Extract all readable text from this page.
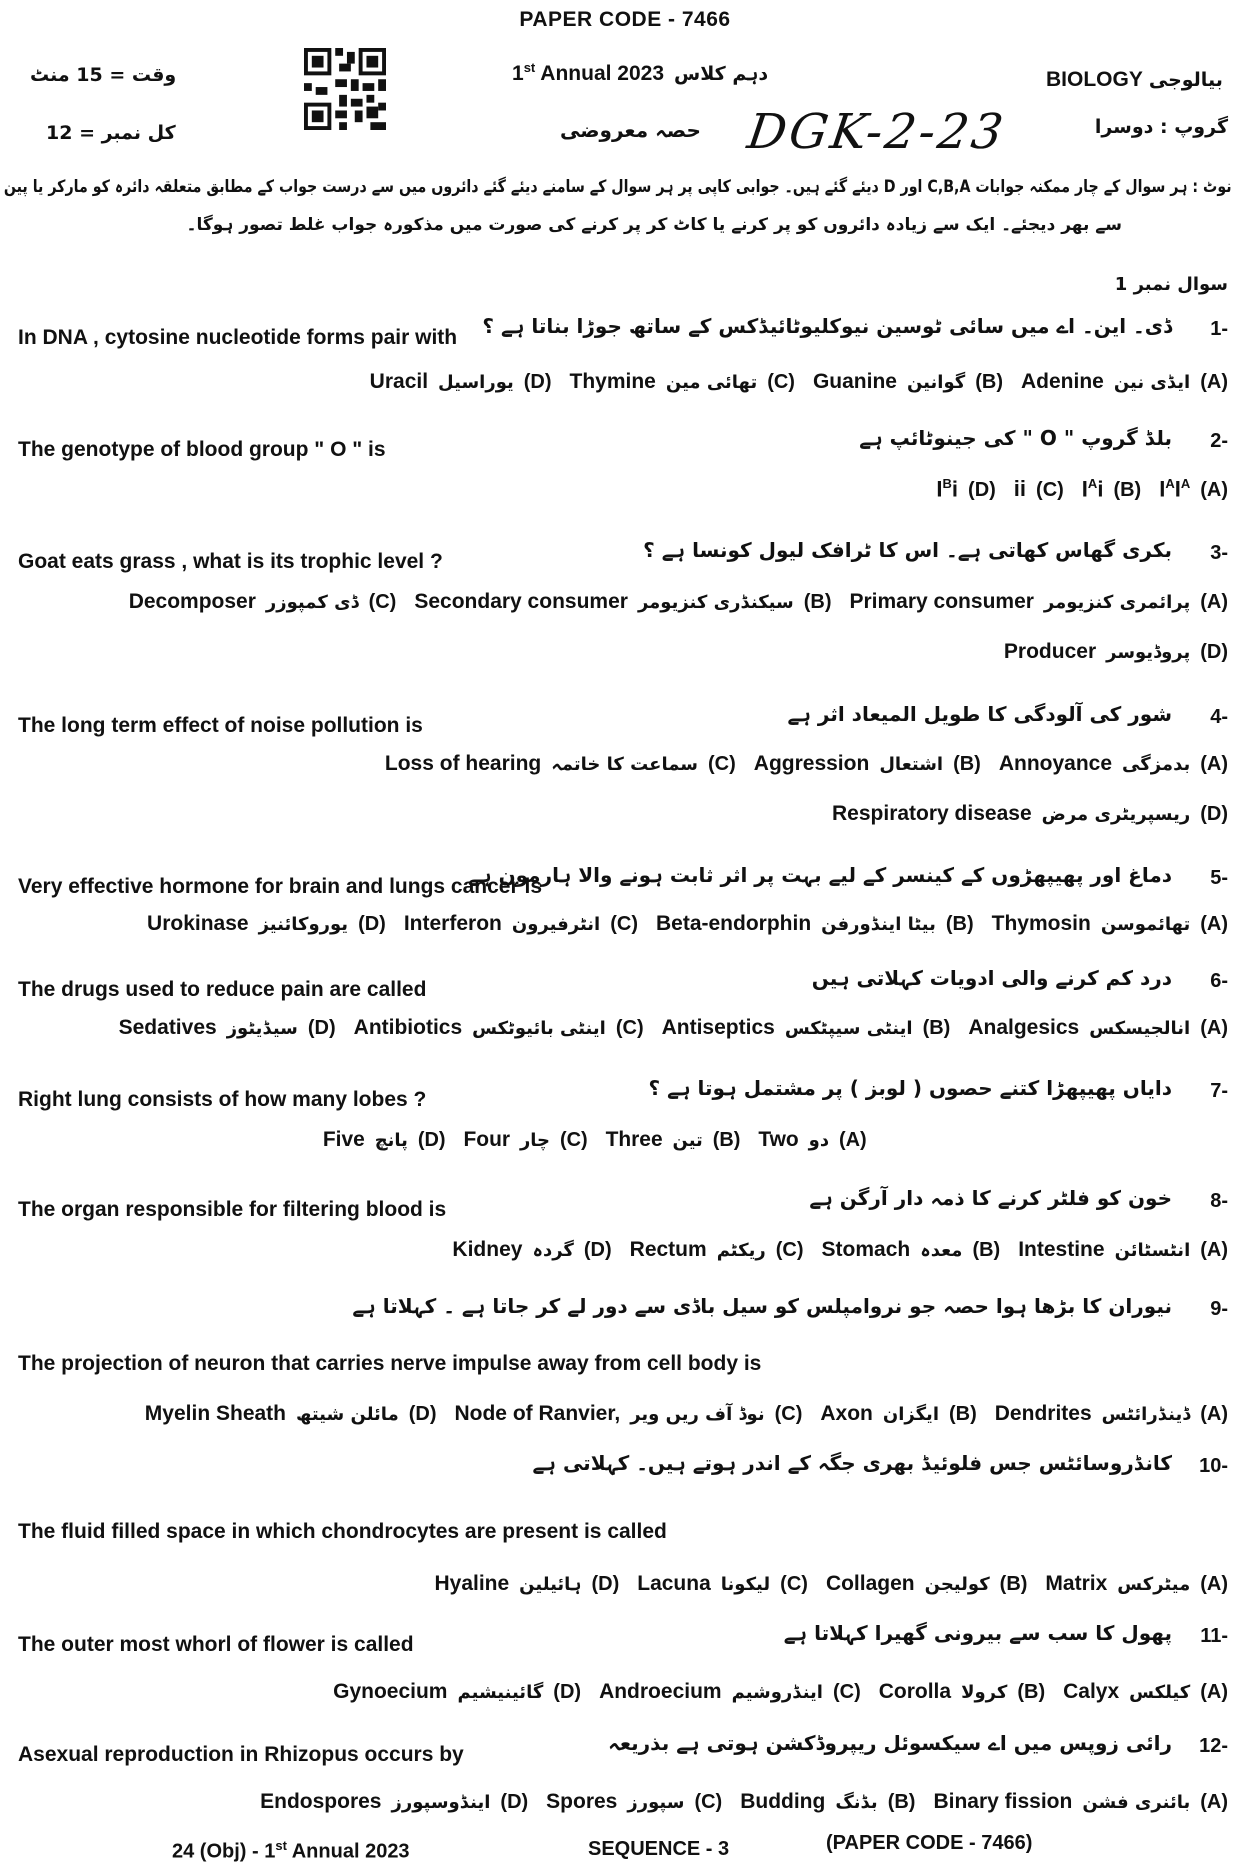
PAPER CODE - 7466
وقت = 15 منٹ
کل نمبر = 12
1st Annual 2023 دہم کلاس	BIOLOGY بیالوجی
حصہ معروضی DGK-2-23	گروپ : دوسرا
نوٹ : ہر سوال کے چار ممکنہ جوابات C,B,A اور D دیئے گئے ہیں۔ جوابی کاپی پر ہر سوال کے سامنے دیئے گئے دائروں میں سے درست جواب کے مطابق متعلقہ دائرہ کو مارکر یا پین
سے بھر دیجئے۔ ایک سے زیادہ دائروں کو پر کرنے یا کاٹ کر پر کرنے کی صورت میں مذکورہ جواب غلط تصور ہوگا۔
سوال نمبر 1
1-
ڈی۔ این۔ اے میں سائی ٹوسین نیوکلیوٹائیڈکس کے ساتھ جوڑا بناتا ہے ؟
In DNA , cytosine nucleotide forms pair with
Adenine ایڈی نین (A)
Guanine گوانین (B)
Thymine تھائی مین (C)
Uracil یوراسیل (D)
2-
بلڈ گروپ " O " کی جینوٹائپ ہے
The genotype of blood group " O " is
$I^AI^A$ (A)
$I^Ai$ (B)
ii (C)
$I^Bi$ (D)
3-
بکری گھاس کھاتی ہے۔ اس کا ٹرافک لیول کونسا ہے ؟
Goat eats grass , what is its trophic level ?
Primary consumer پرائمری کنزیومر (A)
Secondary consumer سیکنڈری کنزیومر (B)
Decomposer ڈی کمپوزر (C)
Producer پروڈیوسر (D)
4-
شور کی آلودگی کا طویل المیعاد اثر ہے
The long term effect of noise pollution is
Annoyance بدمزگی (A)
Aggression اشتعال (B)
Loss of hearing سماعت کا خاتمہ (C)
Respiratory disease ریسپریٹری مرض (D)
5-
دماغ اور پھیپھڑوں کے کینسر کے لیے بہت پر اثر ثابت ہونے والا ہارمون ہے
Very effective hormone for brain and lungs cancer is
Thymosin تھائموسن (A)
Beta-endorphin بیٹا اینڈورفن (B)
Interferon انٹرفیرون (C)
Urokinase یوروکائنیز (D)
6-
درد کم کرنے والی ادویات کہلاتی ہیں
The drugs used to reduce pain are called
Analgesics انالجیسکس (A)
Antiseptics اینٹی سیپٹکس (B)
Antibiotics اینٹی بائیوٹکس (C)
Sedatives سیڈیٹوز (D)
7-
دایاں پھیپھڑا کتنے حصوں ( لوبز ) پر مشتمل ہوتا ہے ؟
Right lung consists of how many lobes ?
Two دو (A)
Three تین (B)
Four چار (C)
Five پانچ (D)
8-
خون کو فلٹر کرنے کا ذمہ دار آرگن ہے
The organ responsible for filtering blood is
Intestine انٹسٹائن (A)
Stomach معدہ (B)
Rectum ریکٹم (C)
Kidney گردہ (D)
9-
نیوران کا بڑھا ہوا حصہ جو نروامپلس کو سیل باڈی سے دور لے کر جاتا ہے ۔ کہلاتا ہے
The projection of neuron that carries nerve impulse away from cell body is
Dendrites ڈینڈرائٹس (A)
Axon ایگزان (B)
Node of Ranvier, نوڈ آف ریں ویر (C)
Myelin Sheath مائلن شیتھ (D)
10-
کانڈروسائٹس جس فلوئیڈ بھری جگہ کے اندر ہوتے ہیں۔ کہلاتی ہے
The fluid filled space in which chondrocytes are present is called
Matrix میٹرکس (A)
Collagen کولیجن (B)
Lacuna لیکونا (C)
Hyaline ہائیلین (D)
11-
پھول کا سب سے بیرونی گھیرا کہلاتا ہے
The outer most whorl of flower is called
Calyx کیلکس (A)
Corolla کرولا (B)
Androecium اینڈروشیم (C)
Gynoecium گائینیشیم (D)
12-
رائی زوپس میں اے سیکسوئل ریپروڈکشن ہوتی ہے بذریعہ
Asexual reproduction in Rhizopus occurs by
Binary fission بائنری فشن (A)
Budding بڈنگ (B)
Spores سپورز (C)
Endospores اینڈوسپورز (D)
24 (Obj) - 1st Annual 2023	SEQUENCE - 3	(PAPER CODE - 7466)
